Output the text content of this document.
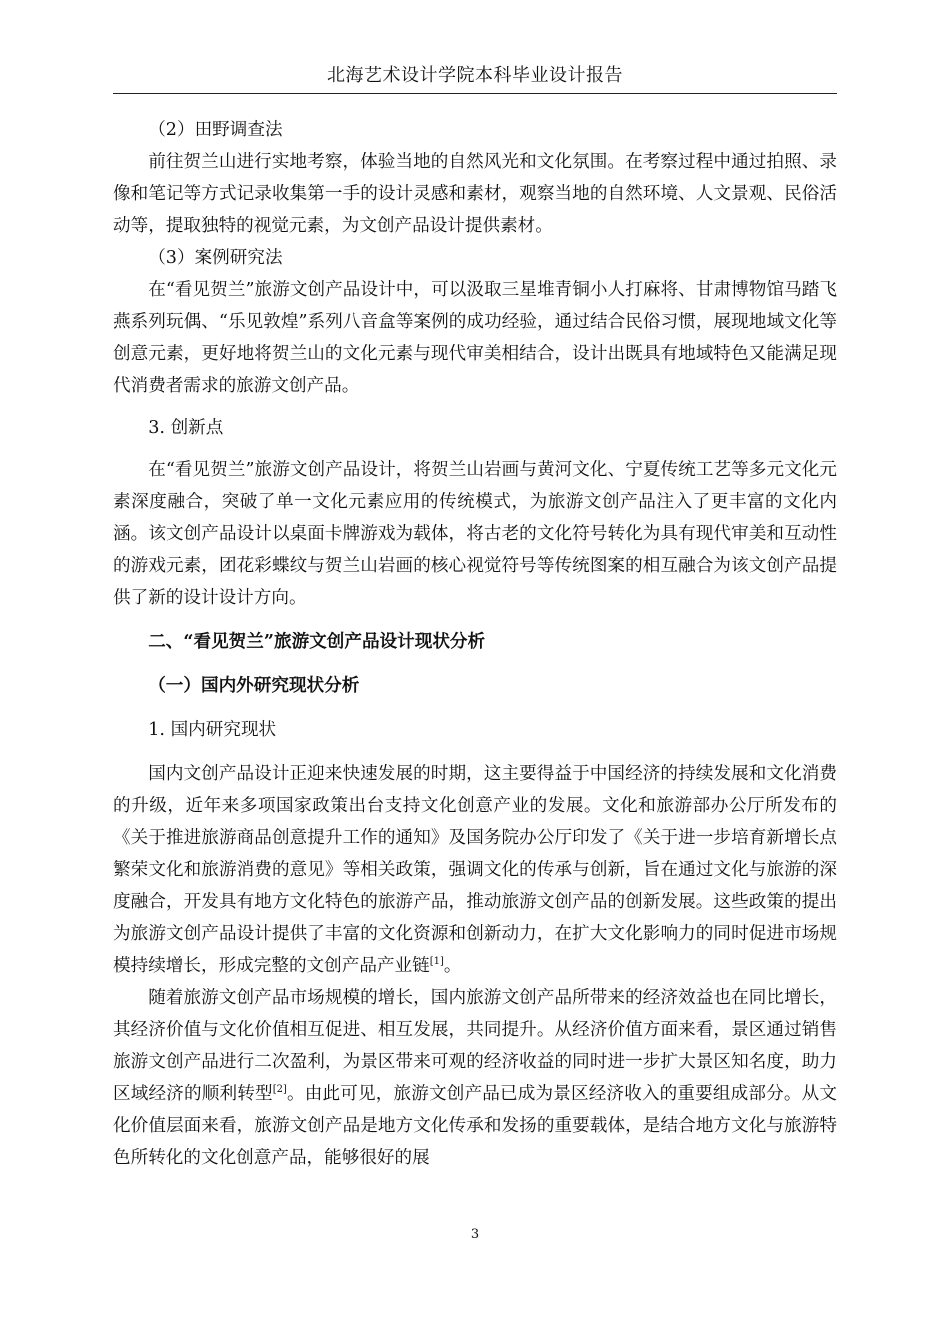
北海艺术设计学院本科毕业设计报告

（2）田野调查法

前往贺兰山进行实地考察，体验当地的自然风光和文化氛围。在考察过程中通过拍照、录像和笔记等方式记录收集第一手的设计灵感和素材，观察当地的自然环境、人文景观、民俗活动等，提取独特的视觉元素，为文创产品设计提供素材。

（3）案例研究法

在“看见贺兰”旅游文创产品设计中，可以汲取三星堆青铜小人打麻将、甘肃博物馆马踏飞燕系列玩偶、“乐见敦煌”系列八音盒等案例的成功经验，通过结合民俗习惯，展现地域文化等创意元素，更好地将贺兰山的文化元素与现代审美相结合，设计出既具有地域特色又能满足现代消费者需求的旅游文创产品。

3. 创新点

在“看见贺兰”旅游文创产品设计，将贺兰山岩画与黄河文化、宁夏传统工艺等多元文化元素深度融合，突破了单一文化元素应用的传统模式，为旅游文创产品注入了更丰富的文化内涵。该文创产品设计以桌面卡牌游戏为载体，将古老的文化符号转化为具有现代审美和互动性的游戏元素，团花彩蝶纹与贺兰山岩画的核心视觉符号等传统图案的相互融合为该文创产品提供了新的设计设计方向。

二、“看见贺兰”旅游文创产品设计现状分析

（一）国内外研究现状分析

1. 国内研究现状

国内文创产品设计正迎来快速发展的时期，这主要得益于中国经济的持续发展和文化消费的升级，近年来多项国家政策出台支持文化创意产业的发展。文化和旅游部办公厅所发布的《关于推进旅游商品创意提升工作的通知》及国务院办公厅印发了《关于进一步培育新增长点繁荣文化和旅游消费的意见》等相关政策，强调文化的传承与创新，旨在通过文化与旅游的深度融合，开发具有地方文化特色的旅游产品，推动旅游文创产品的创新发展。这些政策的提出为旅游文创产品设计提供了丰富的文化资源和创新动力，在扩大文化影响力的同时促进市场规模持续增长，形成完整的文创产品产业链[1]。

随着旅游文创产品市场规模的增长，国内旅游文创产品所带来的经济效益也在同比增长，其经济价值与文化价值相互促进、相互发展，共同提升。从经济价值方面来看，景区通过销售旅游文创产品进行二次盈利，为景区带来可观的经济收益的同时进一步扩大景区知名度，助力区域经济的顺利转型[2]。由此可见，旅游文创产品已成为景区经济收入的重要组成部分。从文化价值层面来看，旅游文创产品是地方文化传承和发扬的重要载体，是结合地方文化与旅游特色所转化的文化创意产品，能够很好的展

3
